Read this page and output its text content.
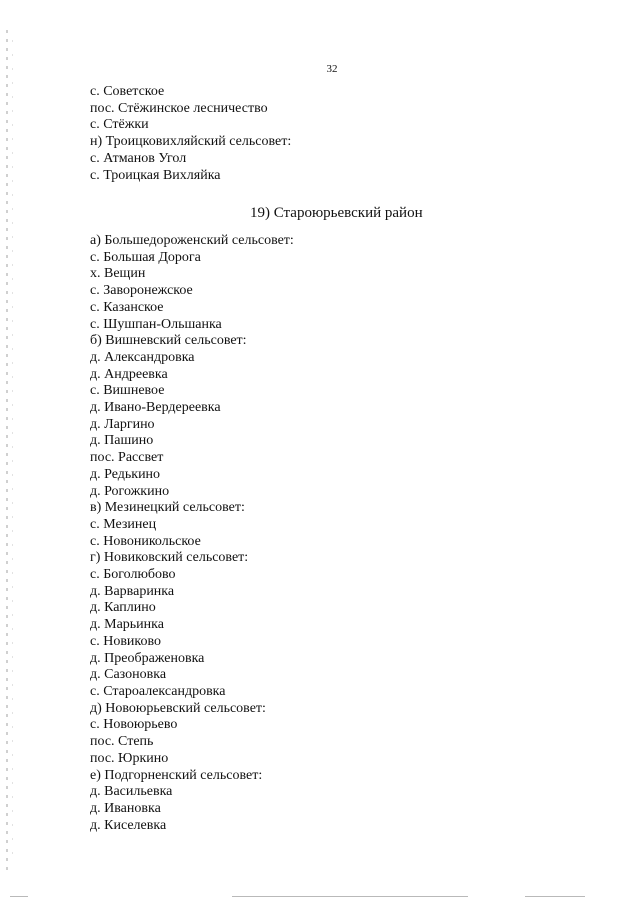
32
с. Советское
пос. Стёжинское лесничество
с. Стёжки
н) Троицковихляйский сельсовет:
с. Атманов Угол
с. Троицкая Вихляйка
19) Староюрьевский район
а) Большедороженский сельсовет:
с. Большая Дорога
х. Вещин
с. Заворонежское
с. Казанское
с. Шушпан-Ольшанка
б) Вишневский сельсовет:
д. Александровка
д. Андреевка
с. Вишневое
д. Ивано-Вердереевка
д. Ларгино
д. Пашино
пос. Рассвет
д. Редькино
д. Рогожкино
в) Мезинецкий сельсовет:
с. Мезинец
с. Новоникольское
г) Новиковский сельсовет:
с. Боголюбово
д. Варваринка
д. Каплино
д. Марьинка
с. Новиково
д. Преображеновка
д. Сазоновка
с. Староалександровка
д) Новоюрьевский сельсовет:
с. Новоюрьево
пос. Степь
пос. Юркино
е) Подгорненский сельсовет:
д. Васильевка
д. Ивановка
д. Киселевка
